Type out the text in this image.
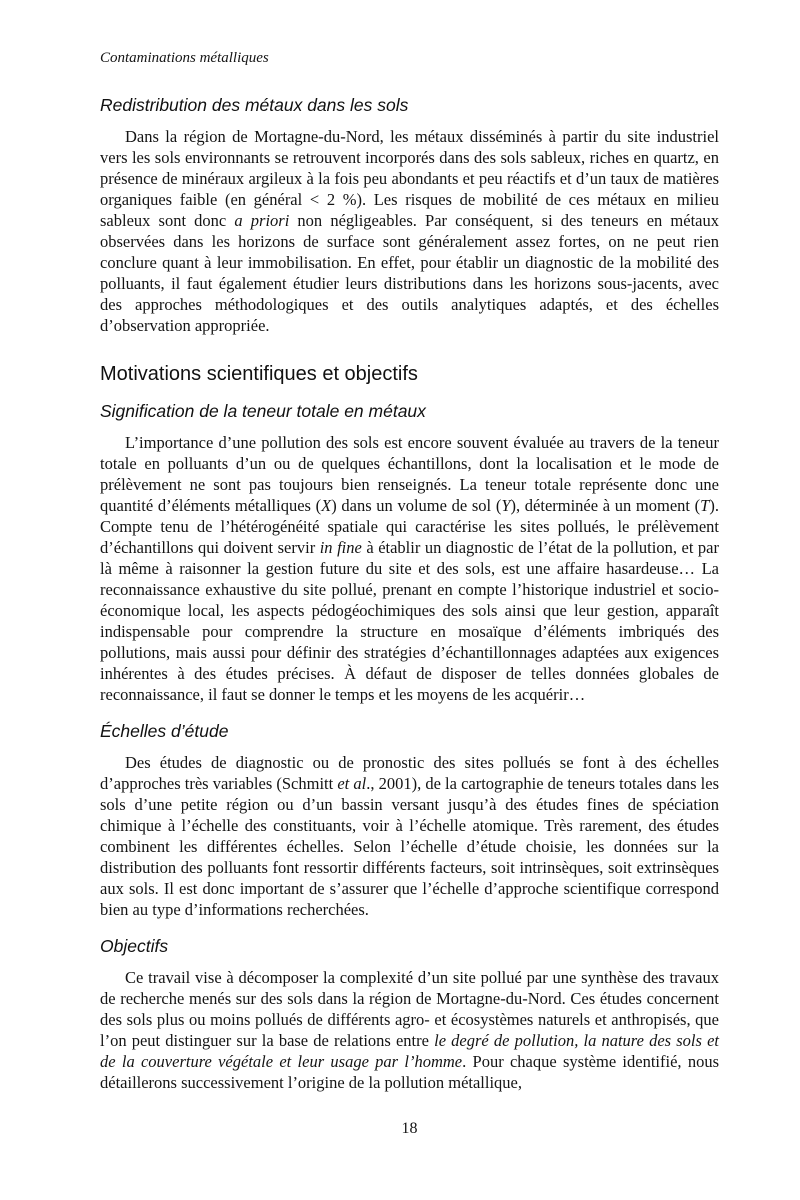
Contaminations métalliques
Redistribution des métaux dans les sols

Dans la région de Mortagne-du-Nord, les métaux disséminés à partir du site industriel vers les sols environnants se retrouvent incorporés dans des sols sableux, riches en quartz, en présence de minéraux argileux à la fois peu abondants et peu réactifs et d’un taux de matières organiques faible (en général < 2 %). Les risques de mobilité de ces métaux en milieu sableux sont donc a priori non négligeables. Par conséquent, si des teneurs en métaux observées dans les horizons de surface sont généralement assez fortes, on ne peut rien conclure quant à leur immobilisation. En effet, pour établir un diagnostic de la mobilité des polluants, il faut également étudier leurs distributions dans les horizons sous-jacents, avec des approches méthodologiques et des outils analytiques adaptés, et des échelles d’observation appropriée.

Motivations scientifiques et objectifs
Signification de la teneur totale en métaux

L’importance d’une pollution des sols est encore souvent évaluée au travers de la teneur totale en polluants d’un ou de quelques échantillons, dont la localisation et le mode de prélèvement ne sont pas toujours bien renseignés. La teneur totale représente donc une quantité d’éléments métalliques (X) dans un volume de sol (Y), déterminée à un moment (T). Compte tenu de l’hétérogénéité spatiale qui caractérise les sites pollués, le prélèvement d’échantillons qui doivent servir in fine à établir un diagnostic de l’état de la pollution, et par là même à raisonner la gestion future du site et des sols, est une affaire hasardeuse… La reconnaissance exhaustive du site pollué, prenant en compte l’historique industriel et socio-économique local, les aspects pédogéochimiques des sols ainsi que leur gestion, apparaît indispensable pour comprendre la structure en mosaïque d’éléments imbriqués des pollutions, mais aussi pour définir des stratégies d’échantillonnages adaptées aux exigences inhérentes à des études précises. À défaut de disposer de telles données globales de reconnaissance, il faut se donner le temps et les moyens de les acquérir…

Échelles d’étude

Des études de diagnostic ou de pronostic des sites pollués se font à des échelles d’approches très variables (Schmitt et al., 2001), de la cartographie de teneurs totales dans les sols d’une petite région ou d’un bassin versant jusqu’à des études fines de spéciation chimique à l’échelle des constituants, voir à l’échelle atomique. Très rarement, des études combinent les différentes échelles. Selon l’échelle d’étude choisie, les données sur la distribution des polluants font ressortir différents facteurs, soit intrinsèques, soit extrinsèques aux sols. Il est donc important de s’assurer que l’échelle d’approche scientifique correspond bien au type d’informations recherchées.

Objectifs

Ce travail vise à décomposer la complexité d’un site pollué par une synthèse des travaux de recherche menés sur des sols dans la région de Mortagne-du-Nord. Ces études concernent des sols plus ou moins pollués de différents agro- et écosystèmes naturels et anthropisés, que l’on peut distinguer sur la base de relations entre le degré de pollution, la nature des sols et de la couverture végétale et leur usage par l’homme. Pour chaque système identifié, nous détaillerons successivement l’origine de la pollution métallique,

18
